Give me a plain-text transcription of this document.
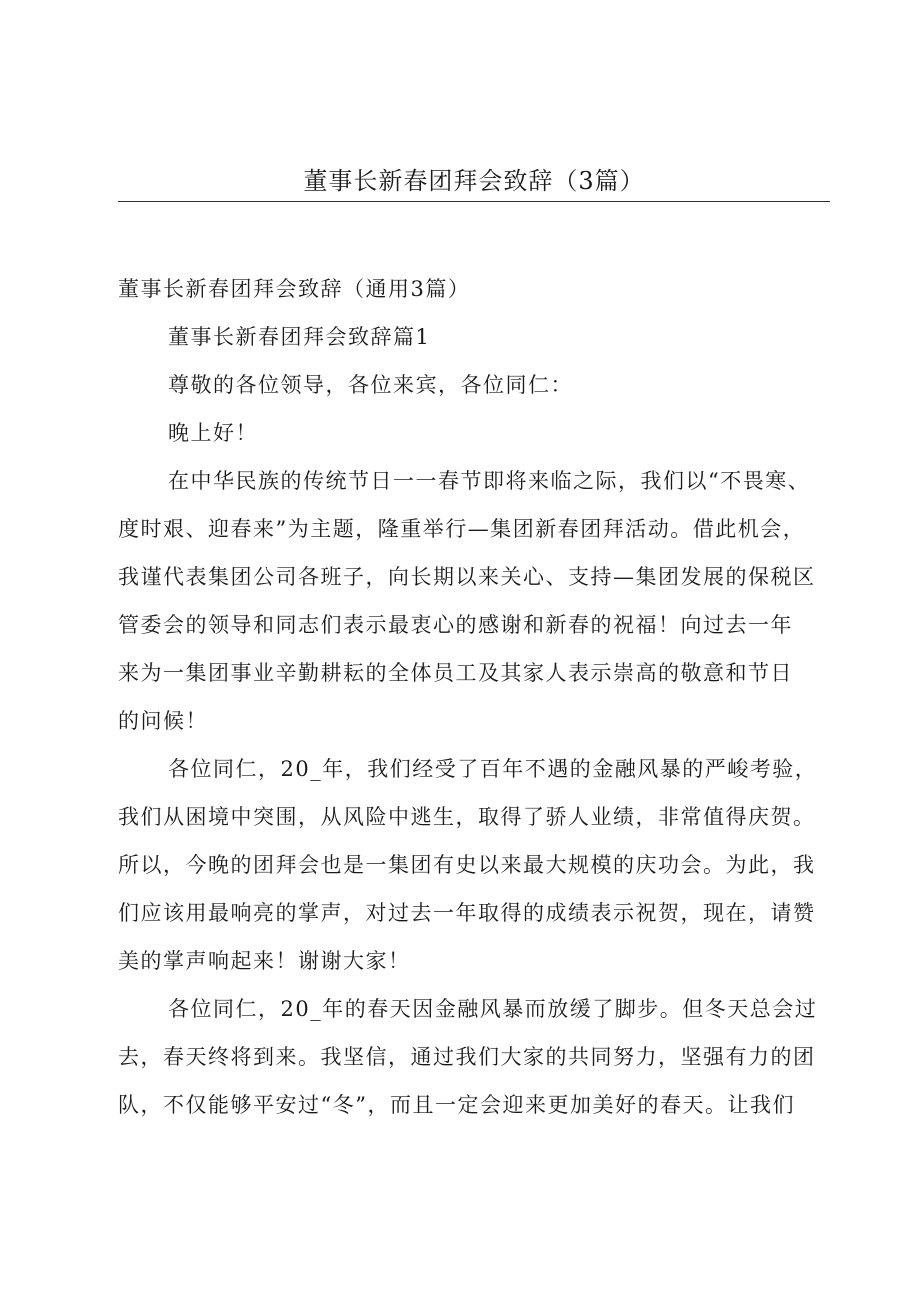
董事长新春团拜会致辞（3篇）
董事长新春团拜会致辞（通用3篇）
董事长新春团拜会致辞篇1
尊敬的各位领导，各位来宾，各位同仁：
晚上好！
在中华民族的传统节日一一春节即将来临之际，我们以“不畏寒、
度时艰、迎春来”为主题，隆重举行—集团新春团拜活动。借此机会，
我谨代表集团公司各班子，向长期以来关心、支持—集团发展的保税区
管委会的领导和同志们表示最衷心的感谢和新春的祝福！向过去一年
来为一集团事业辛勤耕耘的全体员工及其家人表示崇高的敬意和节日
的问候！
各位同仁，20_年，我们经受了百年不遇的金融风暴的严峻考验，
我们从困境中突围，从风险中逃生，取得了骄人业绩，非常值得庆贺。
所以，今晚的团拜会也是一集团有史以来最大规模的庆功会。为此，我
们应该用最响亮的掌声，对过去一年取得的成绩表示祝贺，现在，请赞
美的掌声响起来！谢谢大家！
各位同仁，20_年的春天因金融风暴而放缓了脚步。但冬天总会过
去，春天终将到来。我坚信，通过我们大家的共同努力，坚强有力的团
队，不仅能够平安过“冬”，而且一定会迎来更加美好的春天。让我们
